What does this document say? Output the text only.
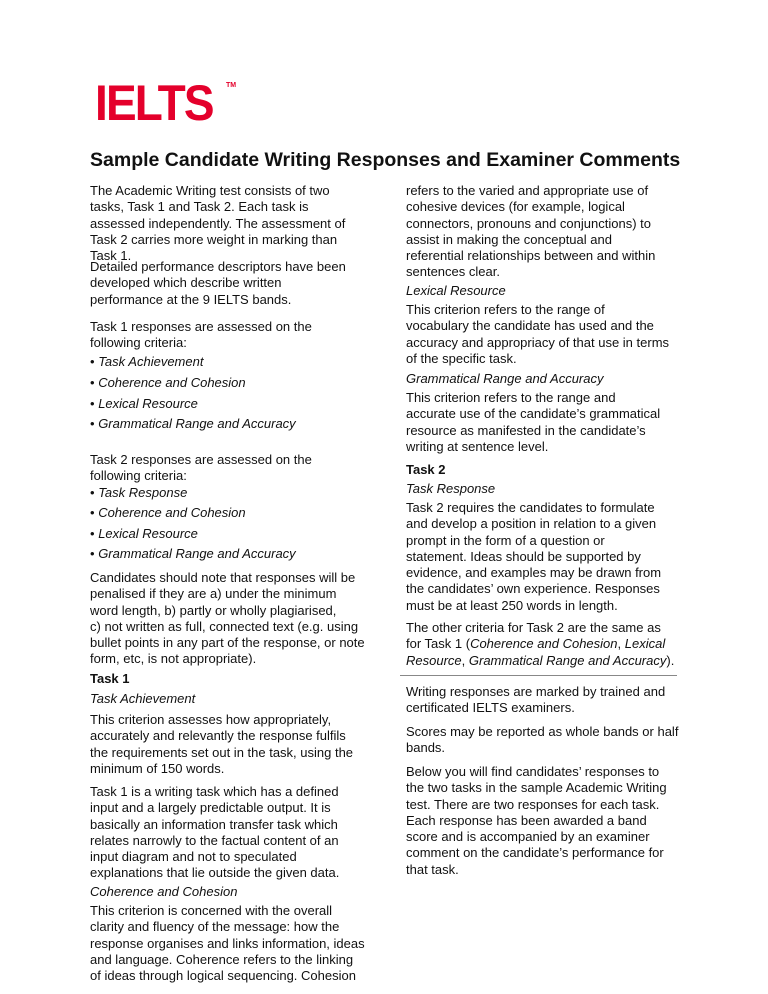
IELTS TM
Sample Candidate Writing Responses and Examiner Comments

The Academic Writing test consists of two
tasks, Task 1 and Task 2. Each task is
assessed independently. The assessment of
Task 2 carries more weight in marking than
Task 1.

Detailed performance descriptors have been
developed which describe written
performance at the 9 IELTS bands.

Task 1 responses are assessed on the
following criteria:

• Task Achievement

• Coherence and Cohesion

• Lexical Resource

• Grammatical Range and Accuracy

Task 2 responses are assessed on the
following criteria:

• Task Response

• Coherence and Cohesion

• Lexical Resource

• Grammatical Range and Accuracy

Candidates should note that responses will be
penalised if they are a) under the minimum
word length, b) partly or wholly plagiarised,
c) not written as full, connected text (e.g. using
bullet points in any part of the response, or note
form, etc, is not appropriate).

Task 1

Task Achievement

This criterion assesses how appropriately,
accurately and relevantly the response fulfils
the requirements set out in the task, using the
minimum of 150 words.

Task 1 is a writing task which has a defined
input and a largely predictable output. It is
basically an information transfer task which
relates narrowly to the factual content of an
input diagram and not to speculated
explanations that lie outside the given data.

Coherence and Cohesion

This criterion is concerned with the overall
clarity and fluency of the message: how the
response organises and links information, ideas
and language. Coherence refers to the linking
of ideas through logical sequencing. Cohesion

refers to the varied and appropriate use of
cohesive devices (for example, logical
connectors, pronouns and conjunctions) to
assist in making the conceptual and
referential relationships between and within
sentences clear.

Lexical Resource

This criterion refers to the range of
vocabulary the candidate has used and the
accuracy and appropriacy of that use in terms
of the specific task.

Grammatical Range and Accuracy

This criterion refers to the range and
accurate use of the candidate’s grammatical
resource as manifested in the candidate’s
writing at sentence level.

Task 2

Task Response

Task 2 requires the candidates to formulate
and develop a position in relation to a given
prompt in the form of a question or
statement. Ideas should be supported by
evidence, and examples may be drawn from
the candidates’ own experience. Responses
must be at least 250 words in length.

The other criteria for Task 2 are the same as
for Task 1 (Coherence and Cohesion, Lexical
Resource, Grammatical Range and Accuracy).

Writing responses are marked by trained and
certificated IELTS examiners.

Scores may be reported as whole bands or half
bands.

Below you will find candidates’ responses to
the two tasks in the sample Academic Writing
test. There are two responses for each task.
Each response has been awarded a band
score and is accompanied by an examiner
comment on the candidate’s performance for
that task.
